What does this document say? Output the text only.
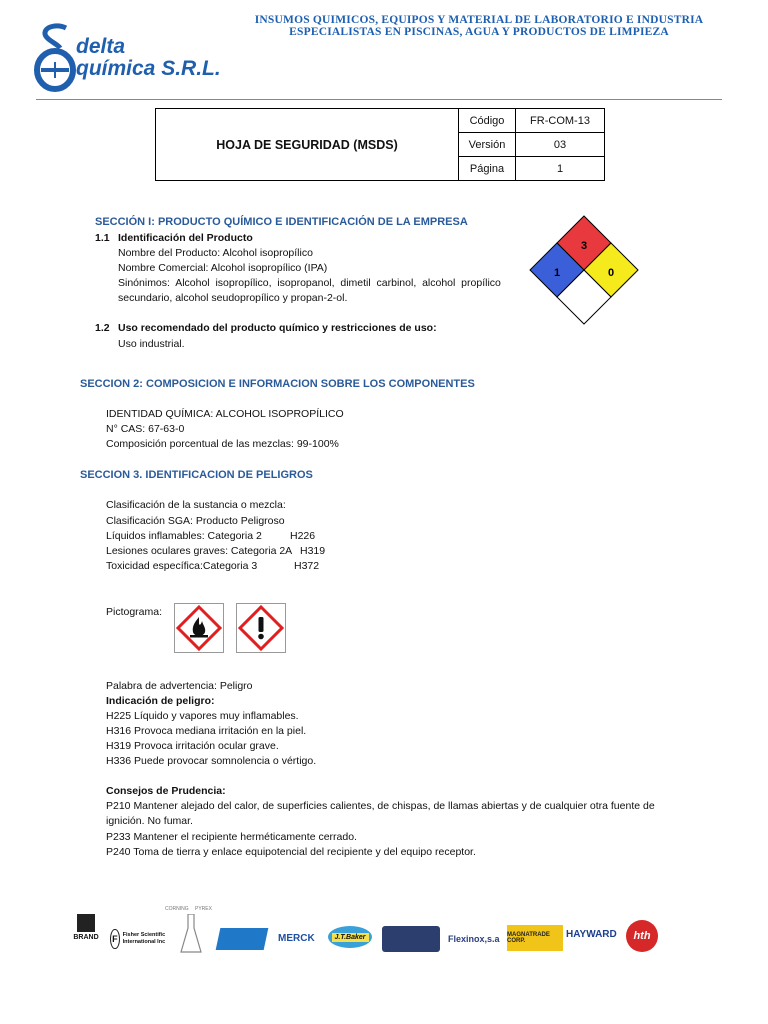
INSUMOS QUIMICOS, EQUIPOS Y MATERIAL DE LABORATORIO E INDUSTRIA
ESPECIALISTAS EN PISCINAS, AGUA Y PRODUCTOS DE LIMPIEZA
delta
química S.R.L.
HOJA DE SEGURIDAD (MSDS)	Código	FR-COM-13
	Versión	03
	Página	1
SECCIÓN I: PRODUCTO QUÍMICO E IDENTIFICACIÓN DE LA EMPRESA
1.1 Identificación del Producto
Nombre del Producto: Alcohol isopropílico
Nombre Comercial: Alcohol isopropílico (IPA)
Sinónimos:  Alcohol  isopropílico,  isopropanol,  dimetil  carbinol,  alcohol  propílico
secundario, alcohol seudopropílico y propan-2-ol.
1.2 Uso recomendado del producto químico y restricciones de uso:
Uso industrial.
3
1	0
SECCION 2: COMPOSICION E INFORMACION SOBRE LOS COMPONENTES
IDENTIDAD QUÍMICA: ALCOHOL ISOPROPÍLICO
N° CAS: 67-63-0
Composición porcentual de las mezclas: 99-100%
SECCION 3. IDENTIFICACION DE PELIGROS
Clasificación de la sustancia o mezcla:
Clasificación SGA: Producto Peligroso
Líquidos inflamables: Categoria 2	H226
Lesiones oculares graves: Categoria 2A H319
Toxicidad específica:Categoria 3	H372
Pictograma:
Palabra de advertencia: Peligro
Indicación de peligro:
H225 Líquido y vapores muy inflamables.
H316 Provoca mediana irritación en la piel.
H319 Provoca irritación ocular grave.
H336 Puede provocar somnolencia o vértigo.
Consejos de Prudencia:
P210 Mantener alejado del calor, de superficies calientes, de chispas, de llamas abiertas y de cualquier otra fuente de
ignición. No fumar.
P233 Mantener el recipiente herméticamente cerrado.
P240 Toma de tierra y enlace equipotencial del recipiente y del equipo receptor.
BRAND	F Fisher Scientific International Inc
CORNING PYREX
MERCK	J.T.Baker	Flexinox,s.a MAGNATRADE CORP.
HAYWARD hth
